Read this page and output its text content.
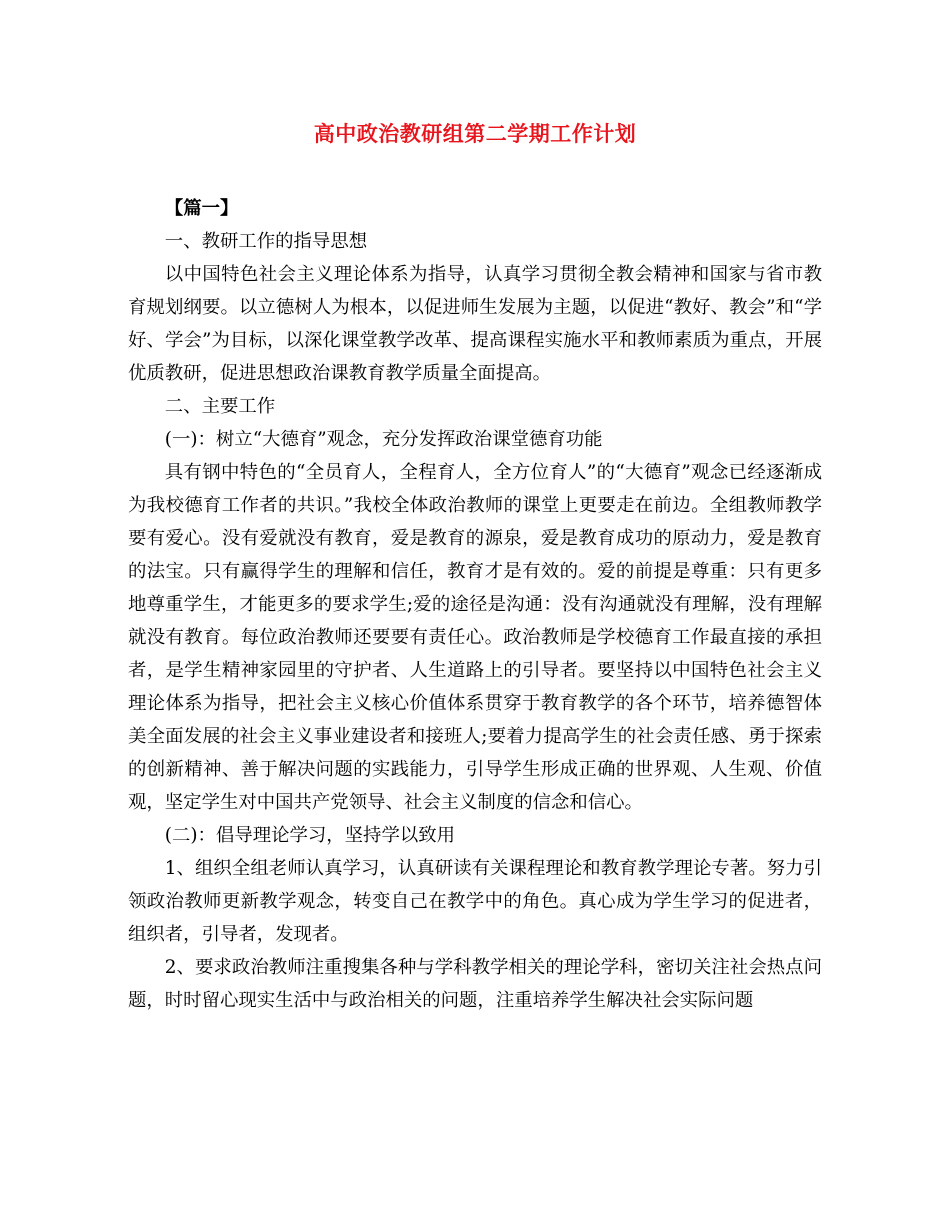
高中政治教研组第二学期工作计划

【篇一】

一、教研工作的指导思想

以中国特色社会主义理论体系为指导，认真学习贯彻全教会精神和国家与省市教育规划纲要。以立德树人为根本，以促进师生发展为主题，以促进“教好、教会”和“学好、学会”为目标，以深化课堂教学改革、提高课程实施水平和教师素质为重点，开展优质教研，促进思想政治课教育教学质量全面提高。

二、主要工作

(一)：树立“大德育”观念，充分发挥政治课堂德育功能

具有钢中特色的“全员育人，全程育人，全方位育人”的“大德育”观念已经逐渐成为我校德育工作者的共识。”我校全体政治教师的课堂上更要走在前边。全组教师教学要有爱心。没有爱就没有教育，爱是教育的源泉，爱是教育成功的原动力，爱是教育的法宝。只有赢得学生的理解和信任，教育才是有效的。爱的前提是尊重：只有更多地尊重学生，才能更多的要求学生;爱的途径是沟通：没有沟通就没有理解，没有理解就没有教育。每位政治教师还要要有责任心。政治教师是学校德育工作最直接的承担者，是学生精神家园里的守护者、人生道路上的引导者。要坚持以中国特色社会主义理论体系为指导，把社会主义核心价值体系贯穿于教育教学的各个环节，培养德智体美全面发展的社会主义事业建设者和接班人;要着力提高学生的社会责任感、勇于探索的创新精神、善于解决问题的实践能力，引导学生形成正确的世界观、人生观、价值观，坚定学生对中国共产党领导、社会主义制度的信念和信心。

(二)：倡导理论学习，坚持学以致用

1、组织全组老师认真学习，认真研读有关课程理论和教育教学理论专著。努力引领政治教师更新教学观念，转变自己在教学中的角色。真心成为学生学习的促进者，组织者，引导者，发现者。

2、要求政治教师注重搜集各种与学科教学相关的理论学科，密切关注社会热点问题，时时留心现实生活中与政治相关的问题，注重培养学生解决社会实际问题
